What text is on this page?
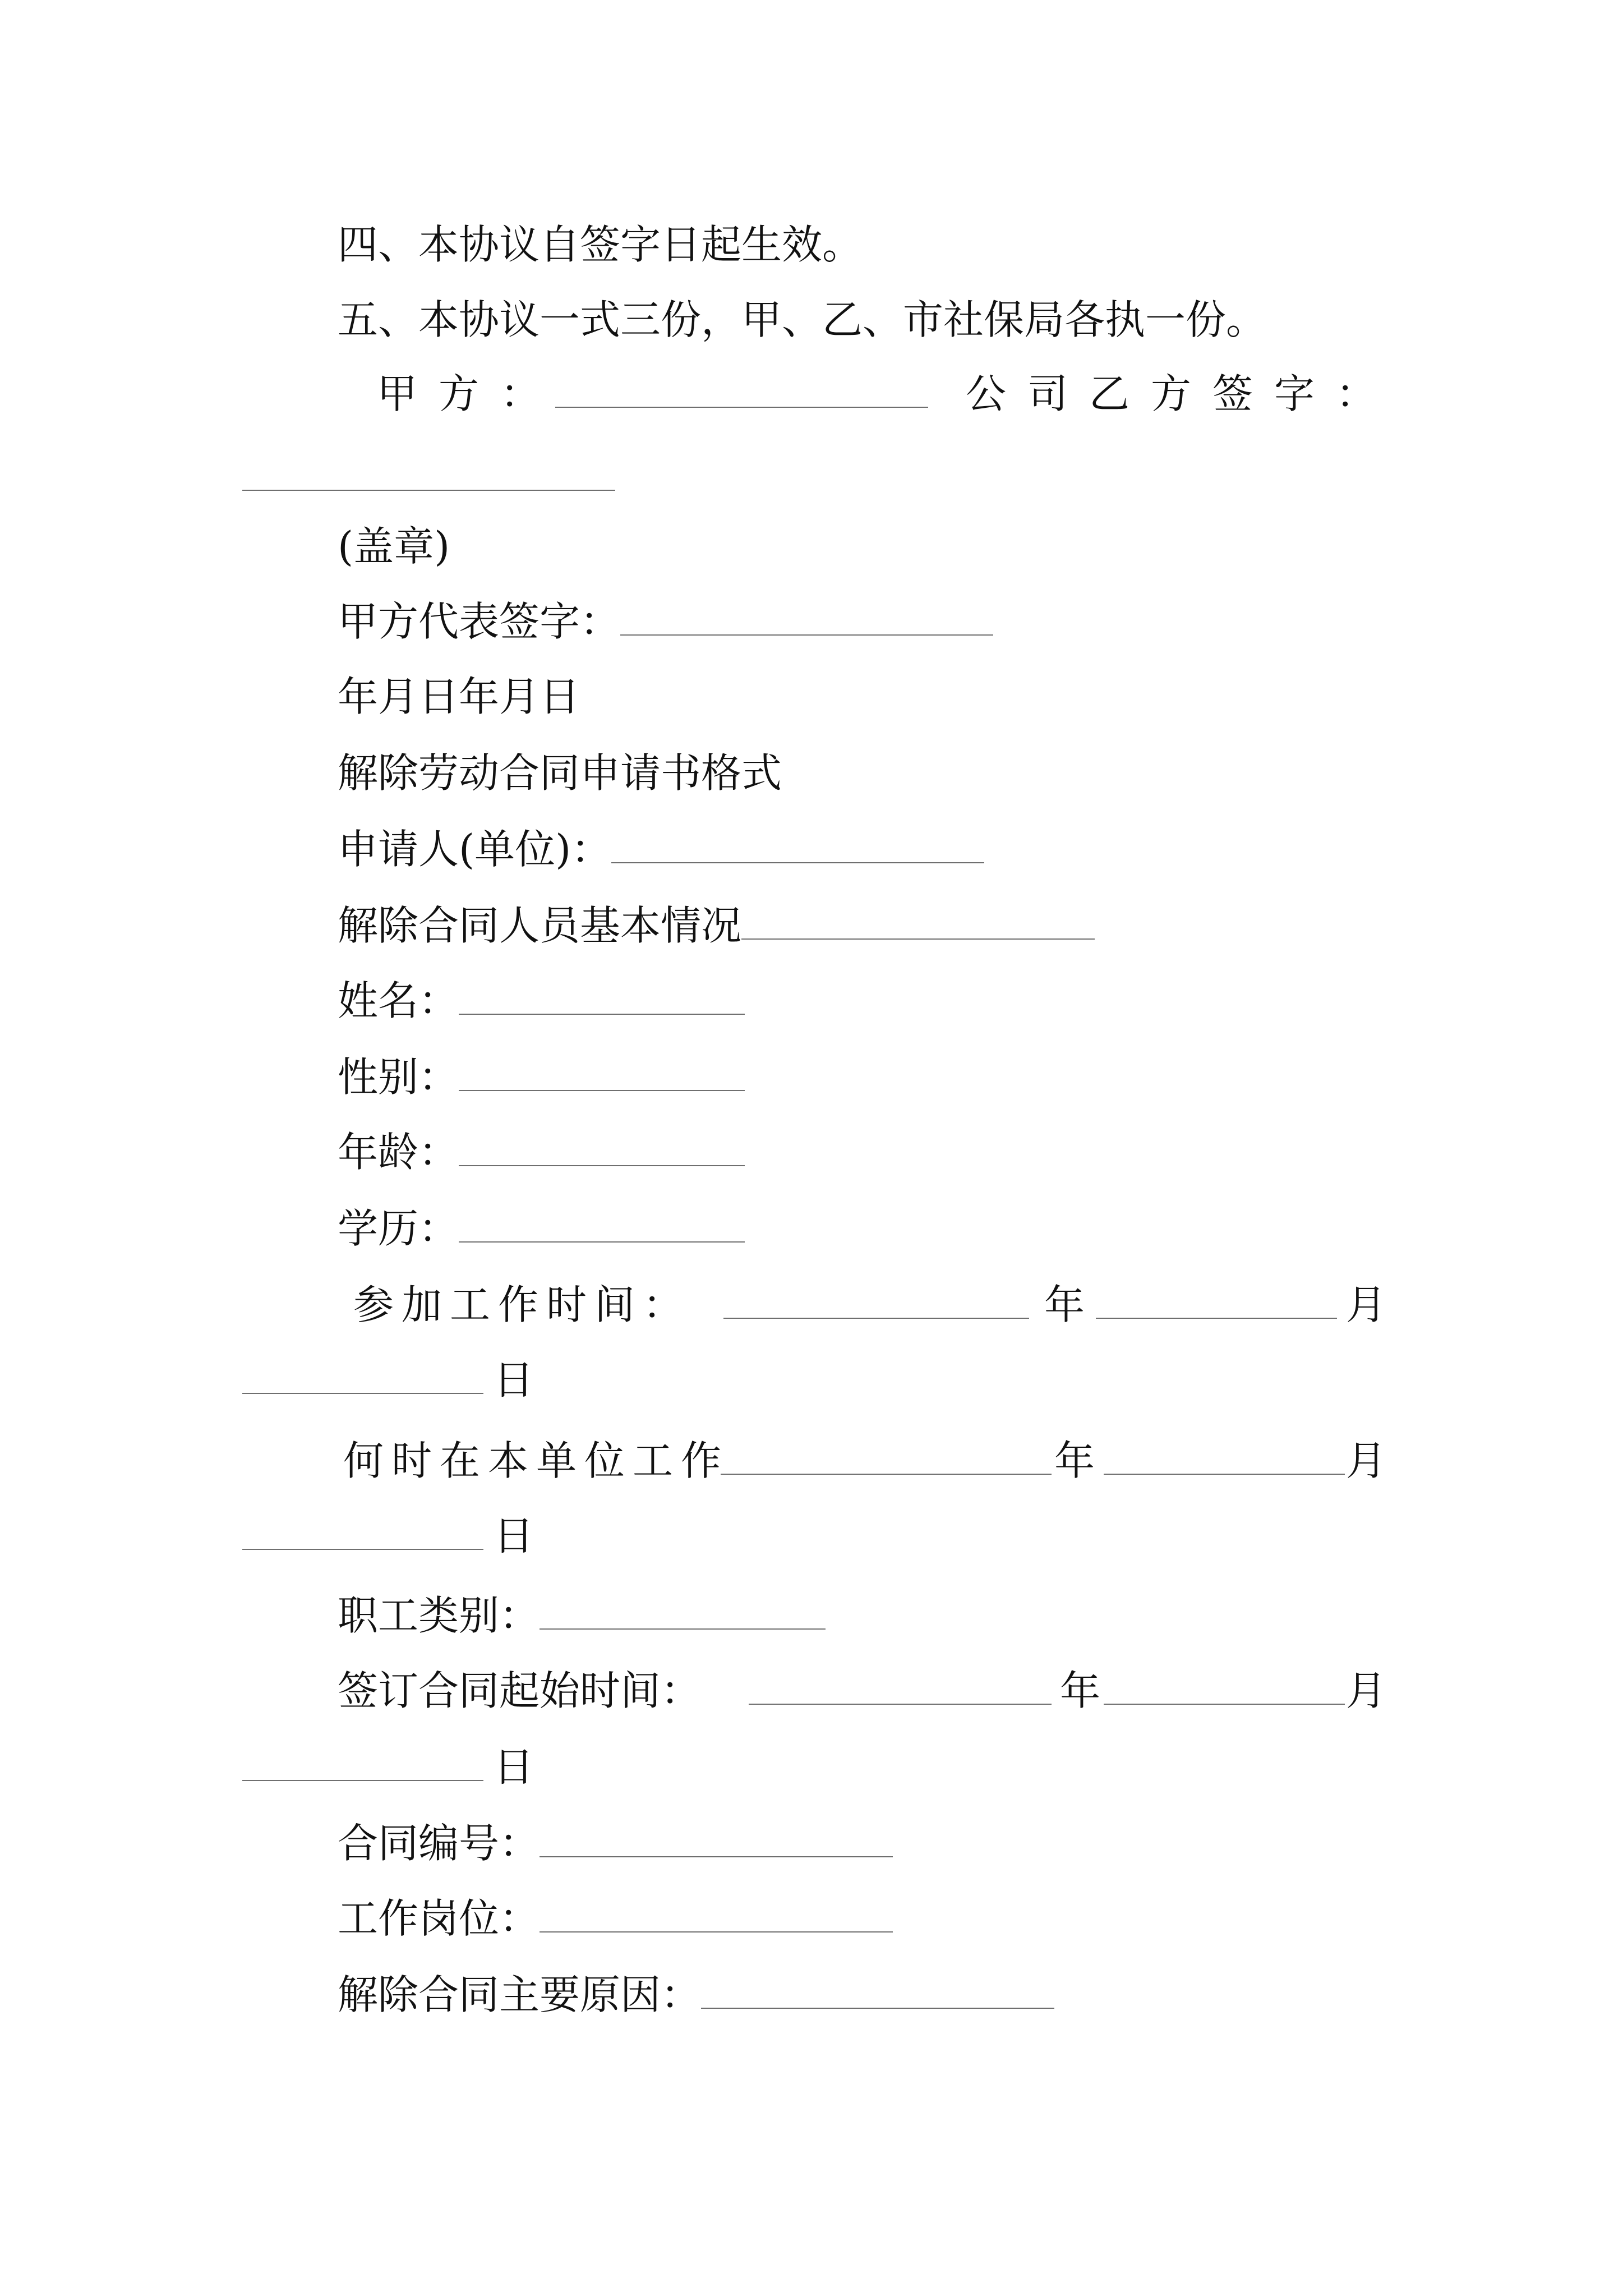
四、本协议自签字日起生效。
五、本协议一式三份，甲、乙、市社保局各执一份。
甲方：	公司乙方签字：
(盖章)
甲方代表签字：
年月日年月日
解除劳动合同申请书格式
申请人(单位)：
解除合同人员基本情况
姓名：
性别：
年龄：
学历：
参加工作时间：	年	月
日
何时在本单位工作	年	月
日
职工类别：
签订合同起始时间：	年	月
日
合同编号：
工作岗位：
解除合同主要原因：
